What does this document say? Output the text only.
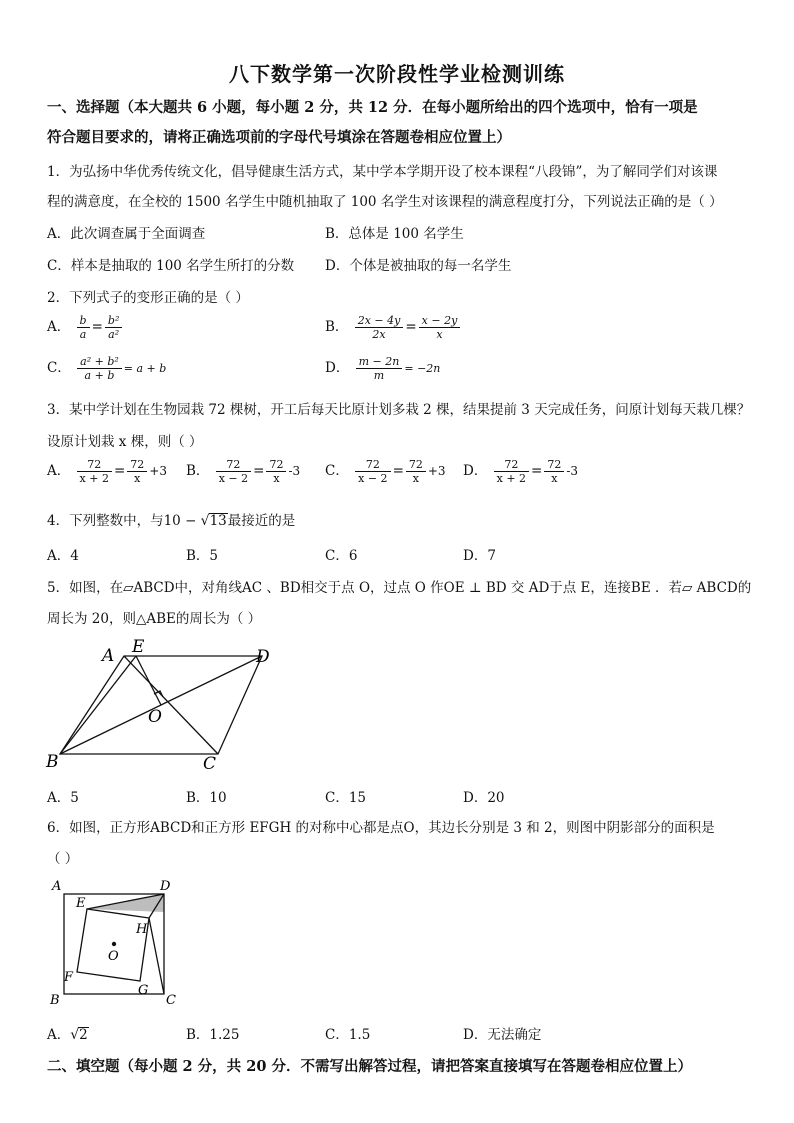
八下数学第一次阶段性学业检测训练
一、选择题（本大题共 6 小题，每小题 2 分，共 12 分．在每小题所给出的四个选项中，恰有一项是
符合题目要求的，请将正确选项前的字母代号填涂在答题卷相应位置上）
1．为弘扬中华优秀传统文化，倡导健康生活方式，某中学本学期开设了校本课程“八段锦”，为了解同学们对该课
程的满意度，在全校的 1500 名学生中随机抽取了 100 名学生对该课程的满意程度打分，下列说法正确的是（ ）
A．此次调查属于全面调查	B．总体是 100 名学生
C．样本是抽取的 100 名学生所打的分数 D．个体是被抽取的每一名学生
2．下列式子的变形正确的是（ ）
A． $\frac{b}{a} = \frac{\text{b²}}{\text{a²}}$	B． $\frac{2x - 4y}{2x} = \frac{x - 2y}{x}$
C． $\frac{\text{a² + b²}}{a + b} = a + b$	D． $\frac{m - 2n}{m} = -2n$
3．某中学计划在生物园栽 72 棵树，开工后每天比原计划多栽 2 棵，结果提前 3 天完成任务，问原计划每天栽几棵？
设原计划栽 x 棵，则（ ）
A． $\frac{72}{x + 2} = \frac{72}{x} +3$ B． $\frac{72}{x - 2} = \frac{72}{x} -3$ C． $\frac{72}{x - 2} = \frac{72}{x} +3$ D． $\frac{72}{x + 2} = \frac{72}{x} -3$
4．下列整数中，与10 − √13最接近的是
A．4	B．5	C．6	D．7
5．如图，在▱ABCD中，对角线AC 、BD相交于点 O，过点 O 作OE ⊥ BD 交 AD于点 E，连接BE ．若▱ ABCD的
周长为 20，则△ABE的周长为（ ）
A E	D
O
B	C
A．5	B．10	C．15	D．20
6．如图，正方形ABCD和正方形 EFGH 的对称中心都是点O，其边长分别是 3 和 2，则图中阴影部分的面积是
（ ）
A	D
E
H
O
F
G
B	C
A．√2	B．1.25	C．1.5	D．无法确定
二、填空题（每小题 2 分，共 20 分．不需写出解答过程，请把答案直接填写在答题卷相应位置上）
